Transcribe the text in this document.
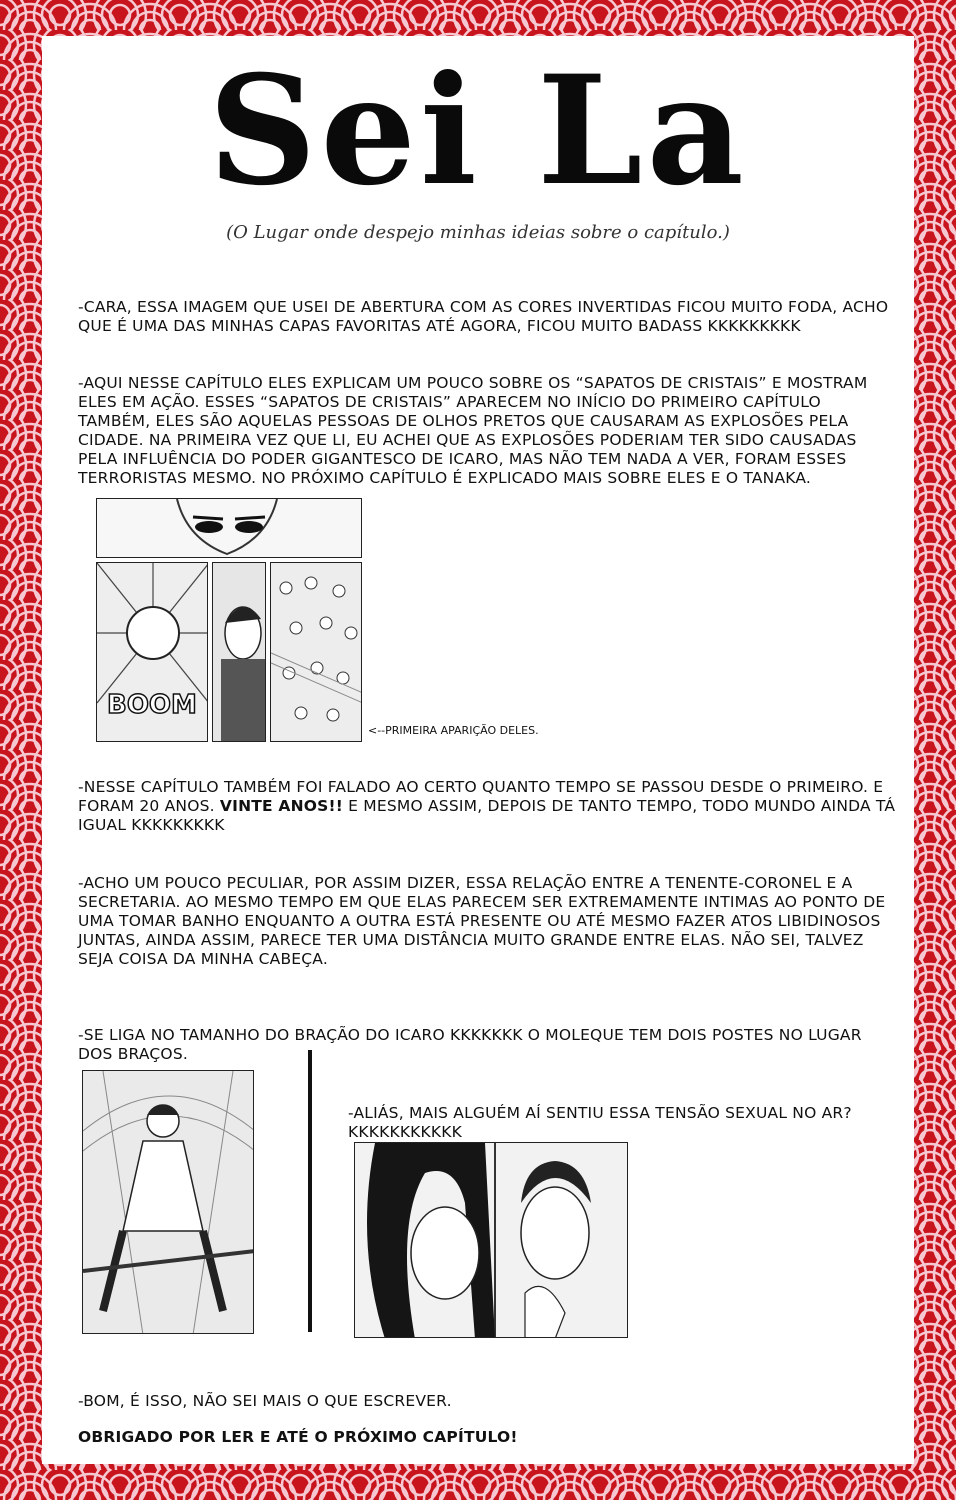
Sei La
(O Lugar onde despejo minhas ideias sobre o capítulo.)
-CARA, ESSA IMAGEM QUE USEI DE ABERTURA COM AS CORES INVERTIDAS FICOU MUITO FODA, ACHO QUE É UMA DAS MINHAS CAPAS FAVORITAS ATÉ AGORA, FICOU MUITO BADASS KKKKKKKKK
-AQUI NESSE CAPÍTULO ELES EXPLICAM UM POUCO SOBRE OS “SAPATOS DE CRISTAIS” E MOSTRAM ELES EM AÇÃO. ESSES “SAPATOS DE CRISTAIS” APARECEM NO INÍCIO DO PRIMEIRO CAPÍTULO TAMBÉM, ELES SÃO AQUELAS PESSOAS DE OLHOS PRETOS QUE CAUSARAM AS EXPLOSÕES PELA CIDADE. NA PRIMEIRA VEZ QUE LI, EU ACHEI QUE AS EXPLOSÕES PODERIAM TER SIDO CAUSADAS PELA INFLUÊNCIA DO PODER GIGANTESCO DE ICARO, MAS NÃO TEM NADA A VER, FORAM ESSES TERRORISTAS MESMO. NO PRÓXIMO CAPÍTULO É EXPLICADO MAIS SOBRE ELES E O TANAKA.
BOOM
<--PRIMEIRA APARIÇÃO DELES.
-NESSE CAPÍTULO TAMBÉM FOI FALADO AO CERTO QUANTO TEMPO SE PASSOU DESDE O PRIMEIRO. E FORAM 20 ANOS. VINTE ANOS!! E MESMO ASSIM, DEPOIS DE TANTO TEMPO, TODO MUNDO AINDA TÁ IGUAL KKKKKKKKK
-ACHO UM POUCO PECULIAR, POR ASSIM DIZER, ESSA RELAÇÃO ENTRE A TENENTE-CORONEL E A SECRETARIA. AO MESMO TEMPO EM QUE ELAS PARECEM SER EXTREMAMENTE INTIMAS AO PONTO DE UMA TOMAR BANHO ENQUANTO A OUTRA ESTÁ PRESENTE OU ATÉ MESMO FAZER ATOS LIBIDINOSOS JUNTAS, AINDA ASSIM, PARECE TER UMA DISTÂNCIA MUITO GRANDE ENTRE ELAS. NÃO SEI, TALVEZ SEJA COISA DA MINHA CABEÇA.
-SE LIGA NO TAMANHO DO BRAÇÃO DO ICARO KKKKKKK O MOLEQUE TEM DOIS POSTES NO LUGAR DOS BRAÇOS.
-ALIÁS, MAIS ALGUÉM AÍ SENTIU ESSA TENSÃO SEXUAL NO AR? KKKKKKKKKKK
-BOM, É ISSO, NÃO SEI MAIS O QUE ESCREVER.
OBRIGADO POR LER E ATÉ O PRÓXIMO CAPÍTULO!
